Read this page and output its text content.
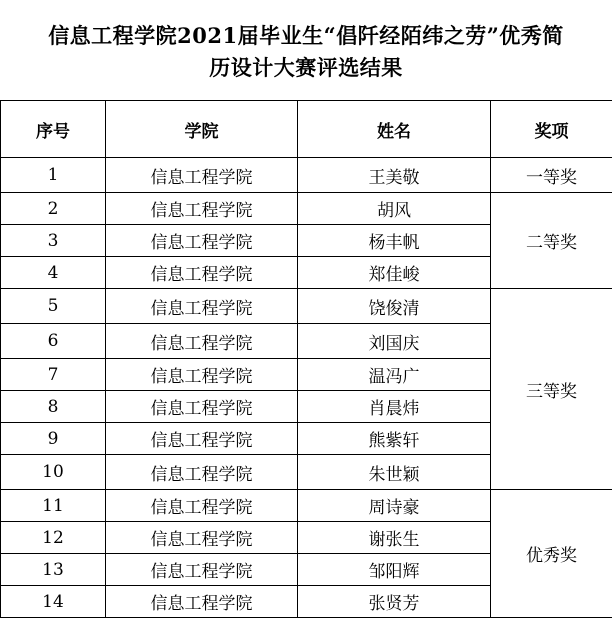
信息工程学院2021届毕业生“倡阡经陌纬之劳”优秀简
历设计大赛评选结果
序号	学院	姓名	奖项
1	信息工程学院	王美敬	一等奖
2	信息工程学院	胡风	二等奖
3	信息工程学院	杨丰帆	
4	信息工程学院	郑佳峻	
5	信息工程学院	饶俊清	三等奖
6	信息工程学院	刘国庆	
7	信息工程学院	温冯广	
8	信息工程学院	肖晨炜	
9	信息工程学院	熊紫轩	
10	信息工程学院	朱世颖	
11	信息工程学院	周诗豪	优秀奖
12	信息工程学院	谢张生	
13	信息工程学院	邹阳辉	
14	信息工程学院	张贤芳	
